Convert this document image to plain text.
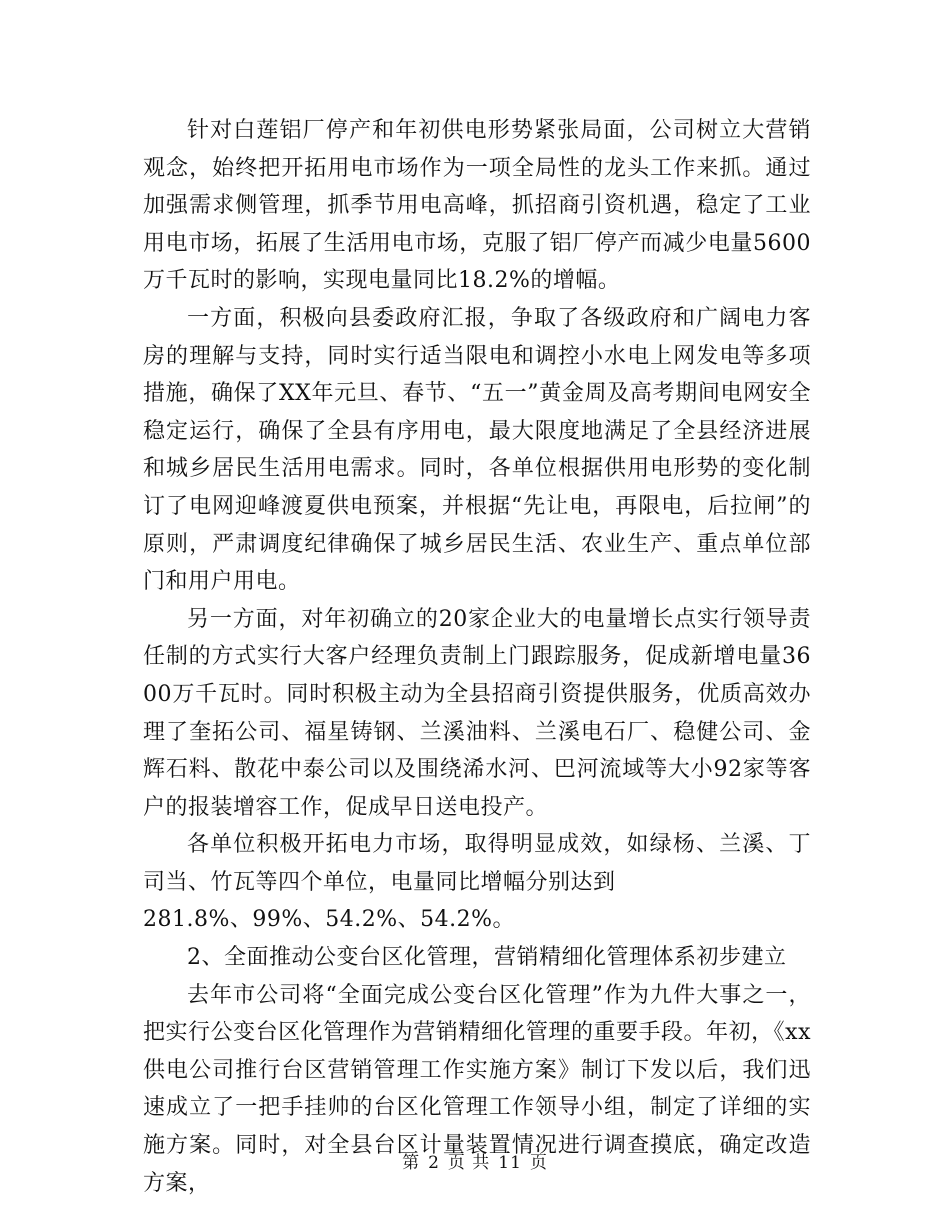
针对白莲铝厂停产和年初供电形势紧张局面，公司树立大营销观念，始终把开拓用电市场作为一项全局性的龙头工作来抓。通过加强需求侧管理，抓季节用电高峰，抓招商引资机遇，稳定了工业用电市场，拓展了生活用电市场，克服了铝厂停产而减少电量5600万千瓦时的影响，实现电量同比18.2%的增幅。

一方面，积极向县委政府汇报，争取了各级政府和广阔电力客房的理解与支持，同时实行适当限电和调控小水电上网发电等多项措施，确保了XX年元旦、春节、“五一”黄金周及高考期间电网安全稳定运行，确保了全县有序用电，最大限度地满足了全县经济进展和城乡居民生活用电需求。同时，各单位根据供用电形势的变化制订了电网迎峰渡夏供电预案，并根据“先让电，再限电，后拉闸”的原则，严肃调度纪律确保了城乡居民生活、农业生产、重点单位部门和用户用电。

另一方面，对年初确立的20家企业大的电量增长点实行领导责任制的方式实行大客户经理负责制上门跟踪服务，促成新增电量3600万千瓦时。同时积极主动为全县招商引资提供服务，优质高效办理了奎拓公司、福星铸钢、兰溪油料、兰溪电石厂、稳健公司、金辉石料、散花中泰公司以及围绕浠水河、巴河流域等大小92家等客户的报装增容工作，促成早日送电投产。

各单位积极开拓电力市场，取得明显成效，如绿杨、兰溪、丁司当、竹瓦等四个单位，电量同比增幅分别达到

281.8%、99%、54.2%、54.2%。

2、全面推动公变台区化管理，营销精细化管理体系初步建立

去年市公司将“全面完成公变台区化管理”作为九件大事之一，把实行公变台区化管理作为营销精细化管理的重要手段。年初，《xx供电公司推行台区营销管理工作实施方案》制订下发以后，我们迅速成立了一把手挂帅的台区化管理工作领导小组，制定了详细的实施方案。同时，对全县台区计量装置情况进行调查摸底，确定改造方案，

第 2 页 共 11 页
